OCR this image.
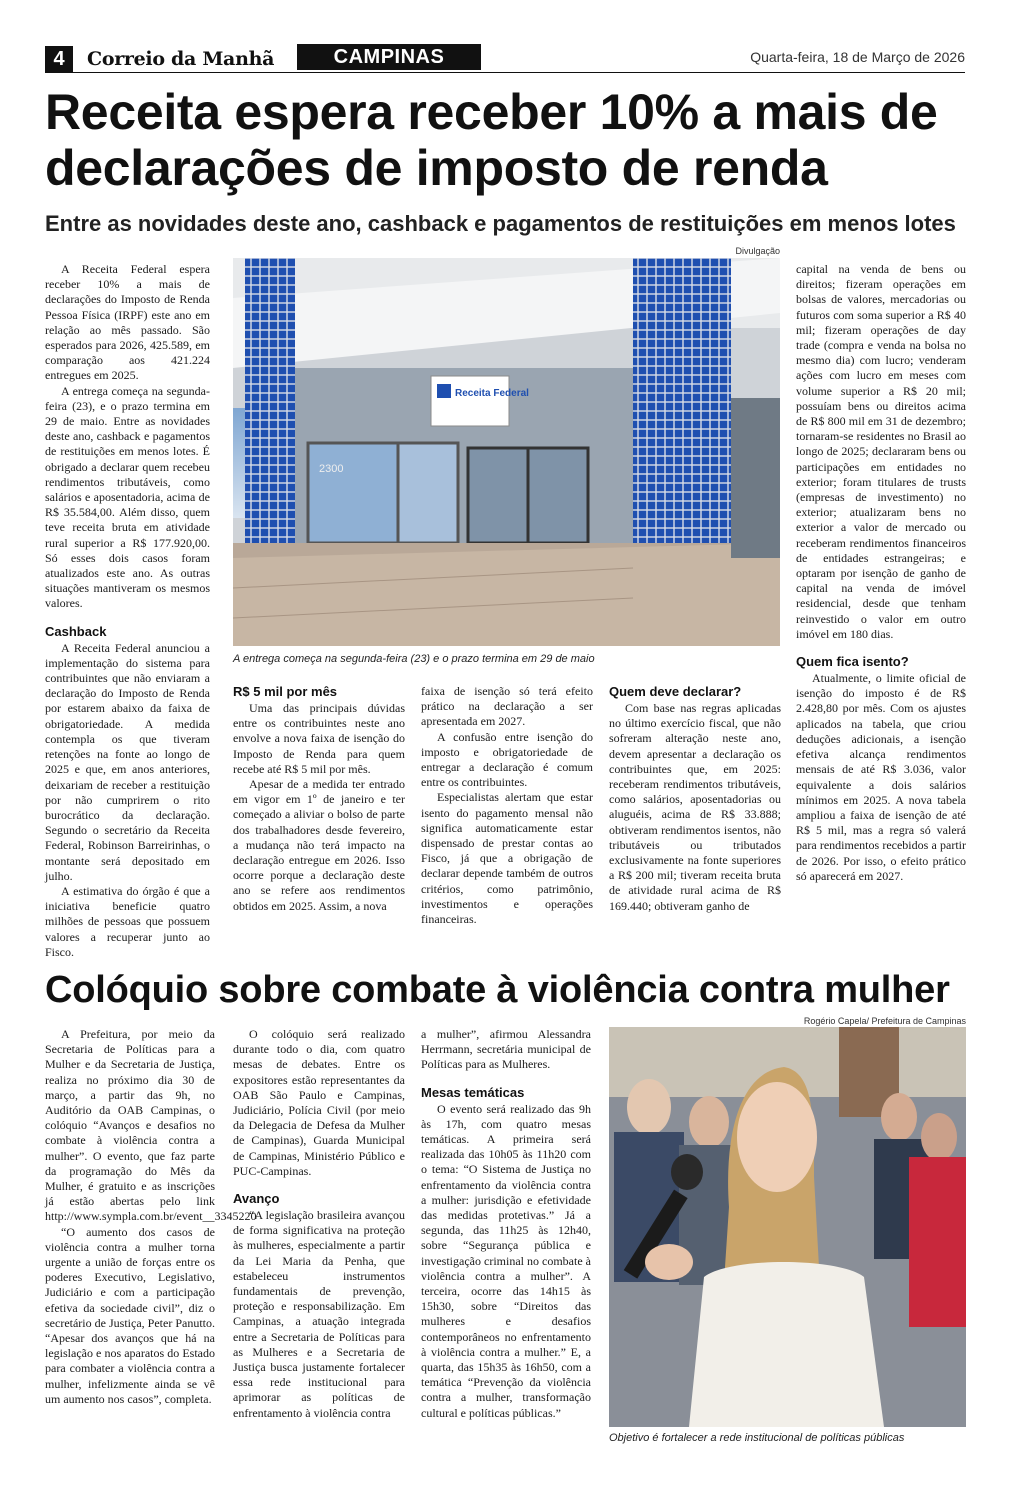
4	Correio da Manhã	CAMPINAS	Quarta-feira, 18 de Março de 2026
Receita espera receber 10% a mais de declarações de imposto de renda
Entre as novidades deste ano, cashback e pagamentos de restituições em menos lotes

A Receita Federal espera receber 10% a mais de declarações do Imposto de Renda Pessoa Física (IRPF) este ano em relação ao mês passado. São esperados para 2026, 425.589, em comparação aos 421.224 entregues em 2025.

A entrega começa na segunda-feira (23), e o prazo termina em 29 de maio. Entre as novidades deste ano, cashback e pagamentos de restituições em menos lotes. É obrigado a declarar quem recebeu rendimentos tributáveis, como salários e aposentadoria, acima de R$ 35.584,00. Além disso, quem teve receita bruta em atividade rural superior a R$ 177.920,00. Só esses dois casos foram atualizados este ano. As outras situações mantiveram os mesmos valores.

Cashback

A Receita Federal anunciou a implementação do sistema para contribuintes que não enviaram a declaração do Imposto de Renda por estarem abaixo da faixa de obrigatoriedade. A medida contempla os que tiveram retenções na fonte ao longo de 2025 e que, em anos anteriores, deixariam de receber a restituição por não cumprirem o rito burocrático da declaração. Segundo o secretário da Receita Federal, Robinson Barreirinhas, o montante será depositado em julho.

A estimativa do órgão é que a iniciativa beneficie quatro milhões de pessoas que possuem valores a recuperar junto ao Fisco.

Divulgação
Receita Federal
2300
A entrega começa na segunda-feira (23) e o prazo termina em 29 de maio
R$ 5 mil por mês

Uma das principais dúvidas entre os contribuintes neste ano envolve a nova faixa de isenção do Imposto de Renda para quem recebe até R$ 5 mil por mês.

Apesar de a medida ter entrado em vigor em 1º de janeiro e ter começado a aliviar o bolso de parte dos trabalhadores desde fevereiro, a mudança não terá impacto na declaração entregue em 2026. Isso ocorre porque a declaração deste ano se refere aos rendimentos obtidos em 2025. Assim, a nova

faixa de isenção só terá efeito prático na declaração a ser apresentada em 2027.

A confusão entre isenção do imposto e obrigatoriedade de entregar a declaração é comum entre os contribuintes.

Especialistas alertam que estar isento do pagamento mensal não significa automaticamente estar dispensado de prestar contas ao Fisco, já que a obrigação de declarar depende também de outros critérios, como patrimônio, investimentos e operações financeiras.

Quem deve declarar?

Com base nas regras aplicadas no último exercício fiscal, que não sofreram alteração neste ano, devem apresentar a declaração os contribuintes que, em 2025: receberam rendimentos tributáveis, como salários, aposentadorias ou aluguéis, acima de R$ 33.888; obtiveram rendimentos isentos, não tributáveis ou tributados exclusivamente na fonte superiores a R$ 200 mil; tiveram receita bruta de atividade rural acima de R$ 169.440; obtiveram ganho de

capital na venda de bens ou direitos; fizeram operações em bolsas de valores, mercadorias ou futuros com soma superior a R$ 40 mil; fizeram operações de day trade (compra e venda na bolsa no mesmo dia) com lucro; venderam ações com lucro em meses com volume superior a R$ 20 mil; possuíam bens ou direitos acima de R$ 800 mil em 31 de dezembro; tornaram-se residentes no Brasil ao longo de 2025; declararam bens ou participações em entidades no exterior; foram titulares de trusts (empresas de investimento) no exterior; atualizaram bens no exterior a valor de mercado ou receberam rendimentos financeiros de entidades estrangeiras; e optaram por isenção de ganho de capital na venda de imóvel residencial, desde que tenham reinvestido o valor em outro imóvel em 180 dias.

Quem fica isento?

Atualmente, o limite oficial de isenção do imposto é de R$ 2.428,80 por mês. Com os ajustes aplicados na tabela, que criou deduções adicionais, a isenção efetiva alcança rendimentos mensais de até R$ 3.036, valor equivalente a dois salários mínimos em 2025. A nova tabela ampliou a faixa de isenção de até R$ 5 mil, mas a regra só valerá para rendimentos recebidos a partir de 2026. Por isso, o efeito prático só aparecerá em 2027.

Colóquio sobre combate à violência contra mulher

A Prefeitura, por meio da Secretaria de Políticas para a Mulher e da Secretaria de Justiça, realiza no próximo dia 30 de março, a partir das 9h, no Auditório da OAB Campinas, o colóquio “Avanços e desafios no combate à violência contra a mulher”. O evento, que faz parte da programação do Mês da Mulher, é gratuito e as inscrições já estão abertas pelo link http://www.sympla.com.br/event__3345220

“O aumento dos casos de violência contra a mulher torna urgente a união de forças entre os poderes Executivo, Legislativo, Judiciário e com a participação efetiva da sociedade civil”, diz o secretário de Justiça, Peter Panutto. “Apesar dos avanços que há na legislação e nos aparatos do Estado para combater a violência contra a mulher, infelizmente ainda se vê um aumento nos casos”, completa.

O colóquio será realizado durante todo o dia, com quatro mesas de debates. Entre os expositores estão representantes da OAB São Paulo e Campinas, Judiciário, Polícia Civil (por meio da Delegacia de Defesa da Mulher de Campinas), Guarda Municipal de Campinas, Ministério Público e PUC-Campinas.

Avanço

“A legislação brasileira avançou de forma significativa na proteção às mulheres, especialmente a partir da Lei Maria da Penha, que estabeleceu instrumentos fundamentais de prevenção, proteção e responsabilização. Em Campinas, a atuação integrada entre a Secretaria de Políticas para as Mulheres e a Secretaria de Justiça busca justamente fortalecer essa rede institucional para aprimorar as políticas de enfrentamento à violência contra

a mulher”, afirmou Alessandra Herrmann, secretária municipal de Políticas para as Mulheres.

Mesas temáticas

O evento será realizado das 9h às 17h, com quatro mesas temáticas. A primeira será realizada das 10h05 às 11h20 com o tema: “O Sistema de Justiça no enfrentamento da violência contra a mulher: jurisdição e efetividade das medidas protetivas.” Já a segunda, das 11h25 às 12h40, sobre “Segurança pública e investigação criminal no combate à violência contra a mulher”. A terceira, ocorre das 14h15 às 15h30, sobre “Direitos das mulheres e desafios contemporâneos no enfrentamento à violência contra a mulher.” E, a quarta, das 15h35 às 16h50, com a temática “Prevenção da violência contra a mulher, transformação cultural e políticas públicas.”

Rogério Capela/ Prefeitura de Campinas
Objetivo é fortalecer a rede institucional de políticas públicas
